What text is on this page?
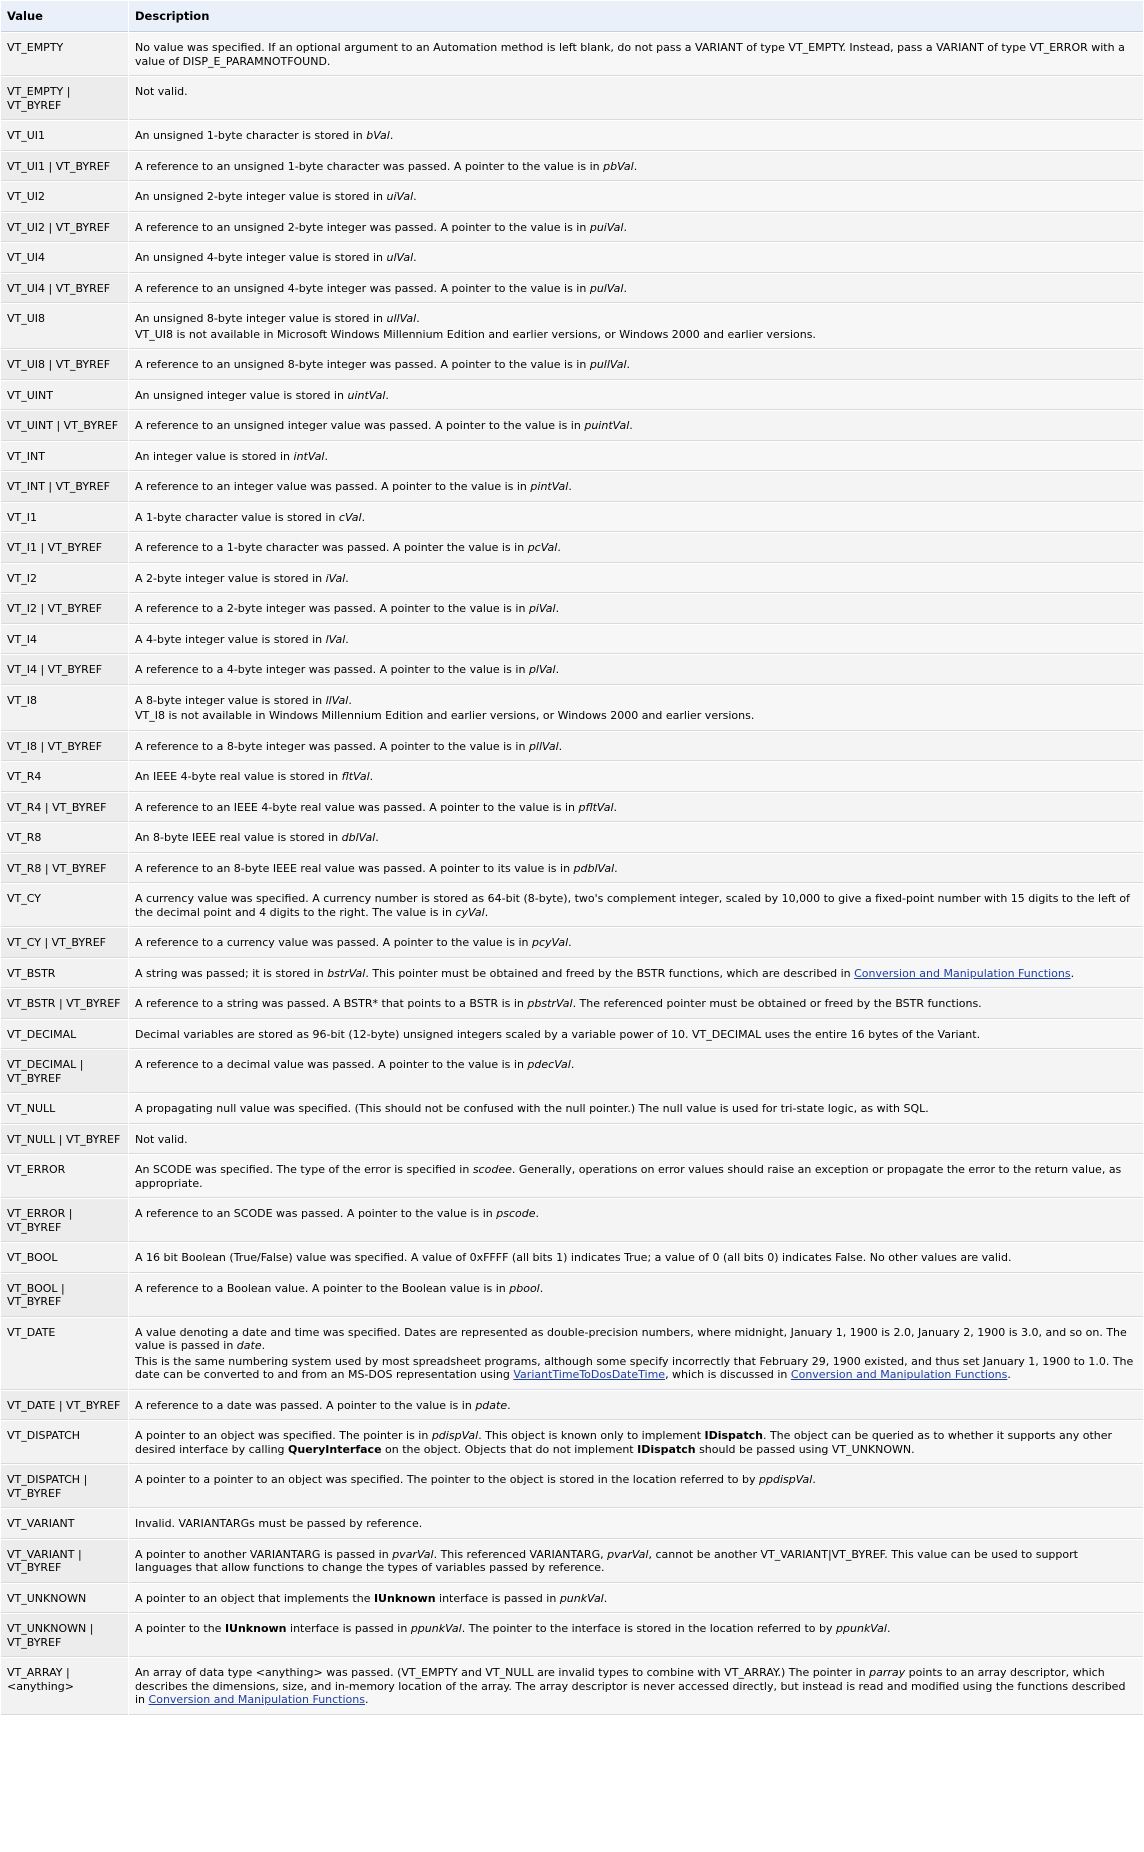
Value	Description
VT_EMPTY	No value was specified. If an optional argument to an Automation method is left blank, do not pass a VARIANT of type VT_EMPTY. Instead, pass a VARIANT of type VT_ERROR with a value of DISP_E_PARAMNOTFOUND.
VT_EMPTY | VT_BYREF	Not valid.
VT_UI1	An unsigned 1-byte character is stored in bVal.
VT_UI1 | VT_BYREF	A reference to an unsigned 1-byte character was passed. A pointer to the value is in pbVal.
VT_UI2	An unsigned 2-byte integer value is stored in uiVal.
VT_UI2 | VT_BYREF	A reference to an unsigned 2-byte integer was passed. A pointer to the value is in puiVal.
VT_UI4	An unsigned 4-byte integer value is stored in ulVal.
VT_UI4 | VT_BYREF	A reference to an unsigned 4-byte integer was passed. A pointer to the value is in pulVal.
VT_UI8	An unsigned 8-byte integer value is stored in ullVal.
VT_UI8 is not available in Microsoft Windows Millennium Edition and earlier versions, or Windows 2000 and earlier versions.

VT_UI8 | VT_BYREF	A reference to an unsigned 8-byte integer was passed. A pointer to the value is in pullVal.
VT_UINT	An unsigned integer value is stored in uintVal.
VT_UINT | VT_BYREF	A reference to an unsigned integer value was passed. A pointer to the value is in puintVal.
VT_INT	An integer value is stored in intVal.
VT_INT | VT_BYREF	A reference to an integer value was passed. A pointer to the value is in pintVal.
VT_I1	A 1-byte character value is stored in cVal.
VT_I1 | VT_BYREF	A reference to a 1-byte character was passed. A pointer the value is in pcVal.
VT_I2	A 2-byte integer value is stored in iVal.
VT_I2 | VT_BYREF	A reference to a 2-byte integer was passed. A pointer to the value is in piVal.
VT_I4	A 4-byte integer value is stored in lVal.
VT_I4 | VT_BYREF	A reference to a 4-byte integer was passed. A pointer to the value is in plVal.
VT_I8	A 8-byte integer value is stored in llVal.
VT_I8 is not available in Windows Millennium Edition and earlier versions, or Windows 2000 and earlier versions.

VT_I8 | VT_BYREF	A reference to a 8-byte integer was passed. A pointer to the value is in pllVal.
VT_R4	An IEEE 4-byte real value is stored in fltVal.
VT_R4 | VT_BYREF	A reference to an IEEE 4-byte real value was passed. A pointer to the value is in pfltVal.
VT_R8	An 8-byte IEEE real value is stored in dblVal.
VT_R8 | VT_BYREF	A reference to an 8-byte IEEE real value was passed. A pointer to its value is in pdblVal.
VT_CY	A currency value was specified. A currency number is stored as 64-bit (8-byte), two's complement integer, scaled by 10,000 to give a fixed-point number with 15 digits to the left of the decimal point and 4 digits to the right. The value is in cyVal.
VT_CY | VT_BYREF	A reference to a currency value was passed. A pointer to the value is in pcyVal.
VT_BSTR	A string was passed; it is stored in bstrVal. This pointer must be obtained and freed by the BSTR functions, which are described in Conversion and Manipulation Functions.
VT_BSTR | VT_BYREF	A reference to a string was passed. A BSTR* that points to a BSTR is in pbstrVal. The referenced pointer must be obtained or freed by the BSTR functions.
VT_DECIMAL	Decimal variables are stored as 96-bit (12-byte) unsigned integers scaled by a variable power of 10. VT_DECIMAL uses the entire 16 bytes of the Variant.
VT_DECIMAL | VT_BYREF	A reference to a decimal value was passed. A pointer to the value is in pdecVal.
VT_NULL	A propagating null value was specified. (This should not be confused with the null pointer.) The null value is used for tri-state logic, as with SQL.
VT_NULL | VT_BYREF	Not valid.
VT_ERROR	An SCODE was specified. The type of the error is specified in scodee. Generally, operations on error values should raise an exception or propagate the error to the return value, as appropriate.
VT_ERROR | VT_BYREF	A reference to an SCODE was passed. A pointer to the value is in pscode.
VT_BOOL	A 16 bit Boolean (True/False) value was specified. A value of 0xFFFF (all bits 1) indicates True; a value of 0 (all bits 0) indicates False. No other values are valid.
VT_BOOL | VT_BYREF	A reference to a Boolean value. A pointer to the Boolean value is in pbool.
VT_DATE	A value denoting a date and time was specified. Dates are represented as double-precision numbers, where midnight, January 1, 1900 is 2.0, January 2, 1900 is 3.0, and so on. The value is passed in date.
This is the same numbering system used by most spreadsheet programs, although some specify incorrectly that February 29, 1900 existed, and thus set January 1, 1900 to 1.0. The date can be converted to and from an MS-DOS representation using VariantTimeToDosDateTime, which is discussed in Conversion and Manipulation Functions.

VT_DATE | VT_BYREF	A reference to a date was passed. A pointer to the value is in pdate.
VT_DISPATCH	A pointer to an object was specified. The pointer is in pdispVal. This object is known only to implement IDispatch. The object can be queried as to whether it supports any other desired interface by calling QueryInterface on the object. Objects that do not implement IDispatch should be passed using VT_UNKNOWN.
VT_DISPATCH | VT_BYREF	A pointer to a pointer to an object was specified. The pointer to the object is stored in the location referred to by ppdispVal.
VT_VARIANT	Invalid. VARIANTARGs must be passed by reference.
VT_VARIANT | VT_BYREF	A pointer to another VARIANTARG is passed in pvarVal. This referenced VARIANTARG, pvarVal, cannot be another VT_VARIANT|VT_BYREF. This value can be used to support languages that allow functions to change the types of variables passed by reference.
VT_UNKNOWN	A pointer to an object that implements the IUnknown interface is passed in punkVal.
VT_UNKNOWN | VT_BYREF	A pointer to the IUnknown interface is passed in ppunkVal. The pointer to the interface is stored in the location referred to by ppunkVal.
VT_ARRAY | <anything>	An array of data type <anything> was passed. (VT_EMPTY and VT_NULL are invalid types to combine with VT_ARRAY.) The pointer in parray points to an array descriptor, which describes the dimensions, size, and in-memory location of the array. The array descriptor is never accessed directly, but instead is read and modified using the functions described in Conversion and Manipulation Functions.
